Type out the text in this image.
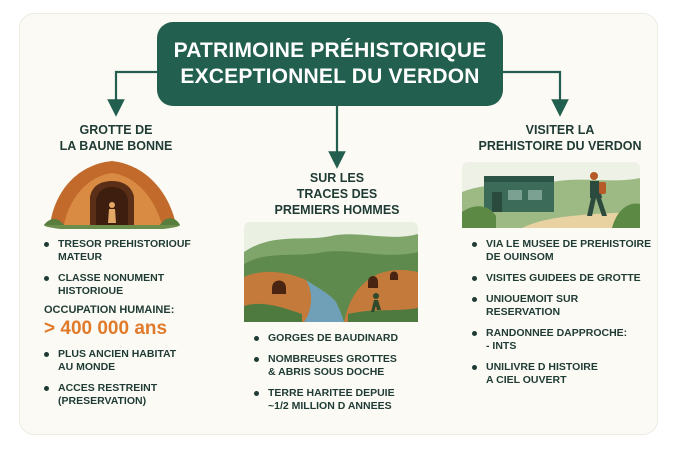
PATRIMOINE PRÉHISTORIQUE
EXCEPTIONNEL DU VERDON
GROTTE DE
LA BAUNE BONNE
TRESOR PREHISTORIOUF
MATEUR
CLASSE NONUMENT
HISTORIOUE
OCCUPATION HUMAINE:
> 400 000 ans
PLUS ANCIEN HABITAT
AU MONDE
ACCES RESTREINT
(PRESERVATION)
SUR LES
TRACES DES
PREMIERS HOMMES
GORGES DE BAUDINARD
NOMBREUSES GROTTES
& ABRIS SOUS DOCHE
TERRE HARITEE DEPUIE
~1/2 MILLION D ANNEES
VISITER LA
PREHISTOIRE DU VERDON
VIA LE MUSEE DE PREHISTOIRE
DE OUINSOM
VISITES GUIDEES DE GROTTE
UNIOUEMOIT SUR
RESERVATION
RANDONNEE DAPPROCHE:
- INTS
UNILIVRE D HISTOIRE
A CIEL OUVERT
